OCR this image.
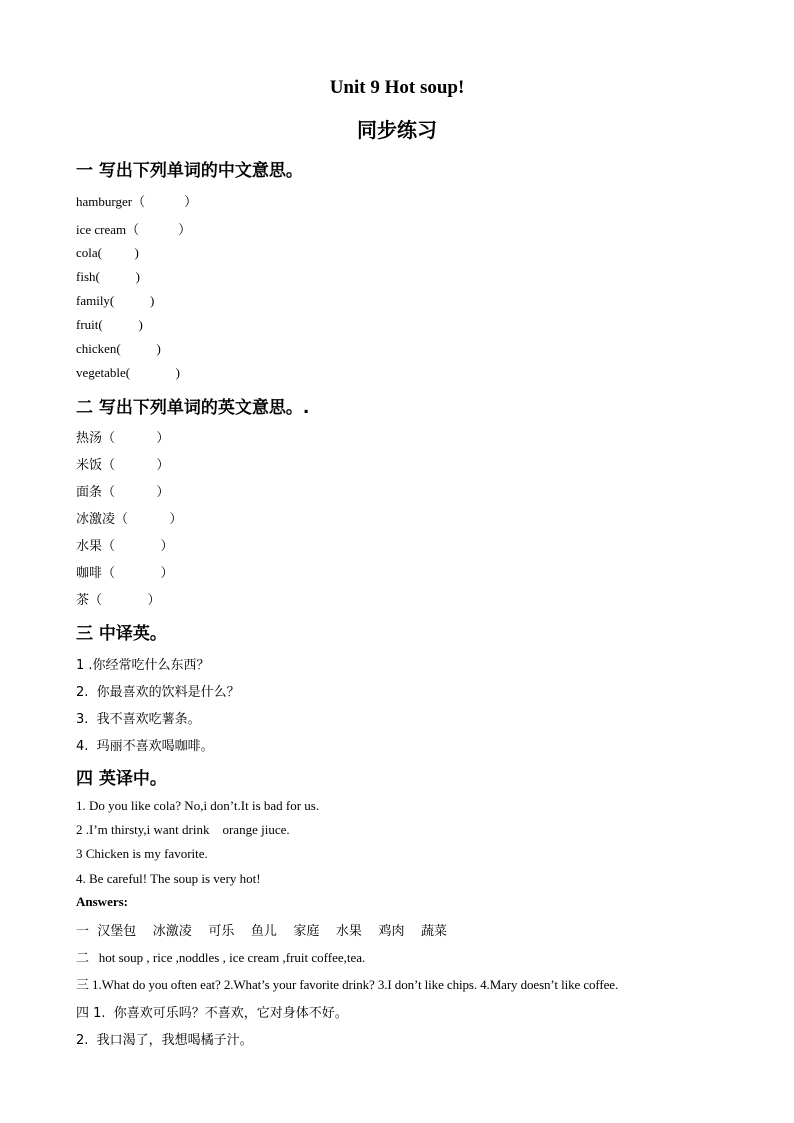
Unit 9 Hot soup!
同步练习

一 写出下列单词的中文意思。

hamburger（            ）

ice cream（            ）

cola(          )

fish(           )

family(           )

fruit(           )

chicken(           )

vegetable(              )

二 写出下列单词的英文意思。.

热汤（          ）

米饭（          ）

面条（          ）

冰激凌（          ）

水果（           ）

咖啡（           ）

茶（           ）

三 中译英。

1 .你经常吃什么东西？

2.  你最喜欢的饮料是什么？

3.  我不喜欢吃薯条。

4.  玛丽不喜欢喝咖啡。

四 英译中。

1. Do you like cola? No,i don’t.It is bad for us.

2 .I’m thirsty,i want drink    orange jiuce.

3 Chicken is my favorite.

4. Be careful! The soup is very hot!

Answers:

一  汉堡包    冰激凌    可乐    鱼儿    家庭    水果    鸡肉    蔬菜

二   hot soup , rice ,noddles , ice cream ,fruit coffee,tea.

三 1.What do you often eat? 2.What’s your favorite drink? 3.I don’t like chips. 4.Mary doesn’t like coffee.

四 1.  你喜欢可乐吗？不喜欢，它对身体不好。

2.  我口渴了，我想喝橘子汁。
